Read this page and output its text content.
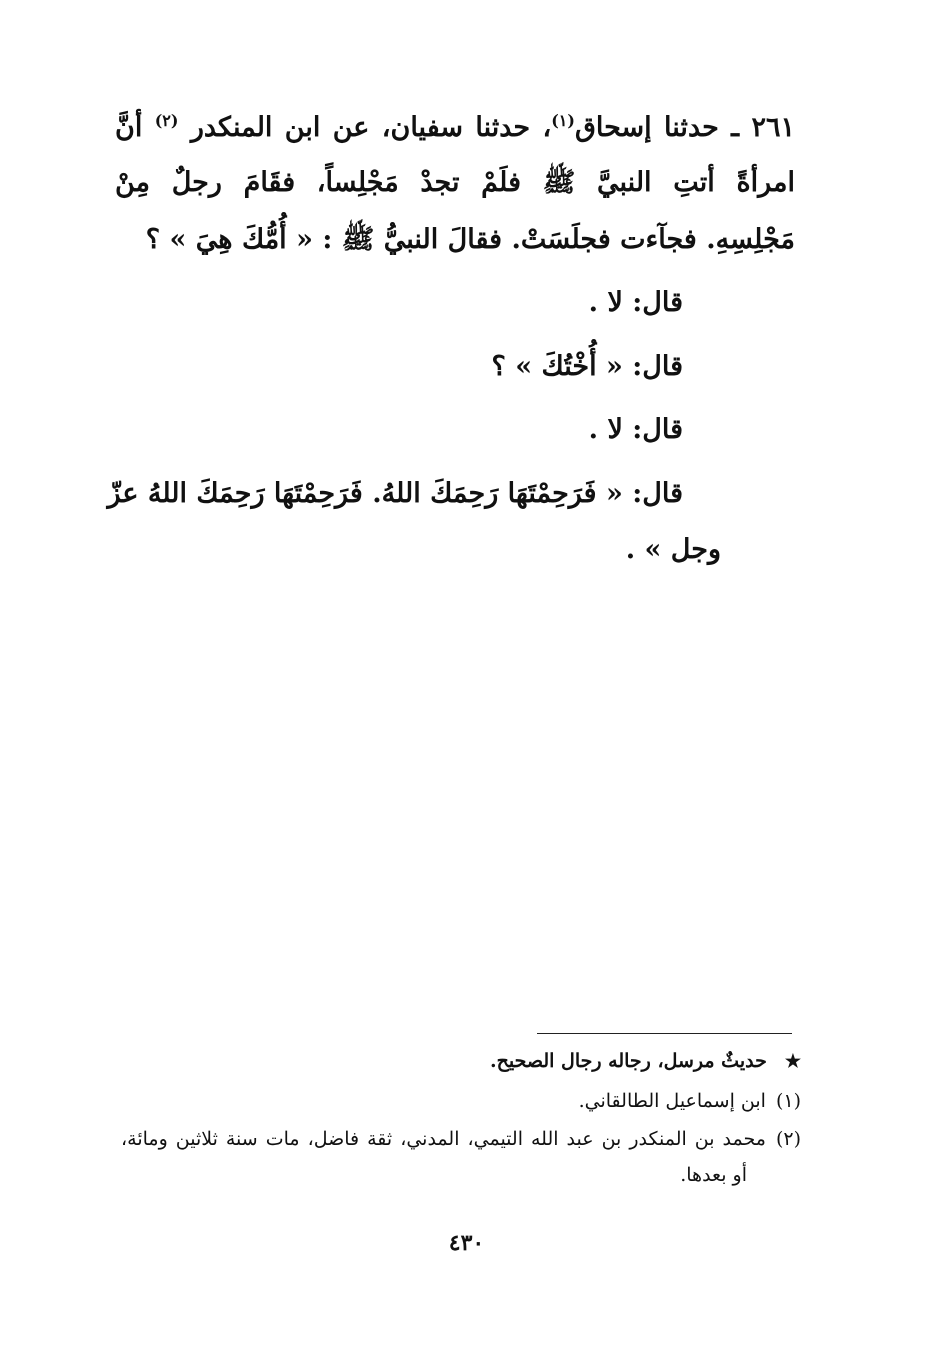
٢٦١ ـ حدثنا إسحاق$^{(١)}$، حدثنا سفيان، عن ابن المنكدر $^{(٢)}$ أنَّ
امرأةً أتتِ النبيَّ ﷺ فلَمْ تجدْ مَجْلِساً، فقَامَ رجلٌ مِنْ
مَجْلِسِهِ. فجآءت فجلَسَتْ. فقالَ النبيُّ ﷺ : « أُمُّكَ هِيَ » ؟
قال: لا .
قال: « أُخْتُكَ » ؟
قال: لا .
قال: « فَرَحِمْتَهَا رَحِمَكَ اللهُ. فَرَحِمْتَهَا رَحِمَكَ اللهُ عزّ
وجل » .
★حديثٌ مرسل، رجاله رجال الصحيح.
(١)ابن إسماعيل الطالقاني.
(٢)محمد بن المنكدر بن عبد الله التيمي، المدني، ثقة فاضل، مات سنة ثلاثين ومائة،
أو بعدها.
٤٣٠
